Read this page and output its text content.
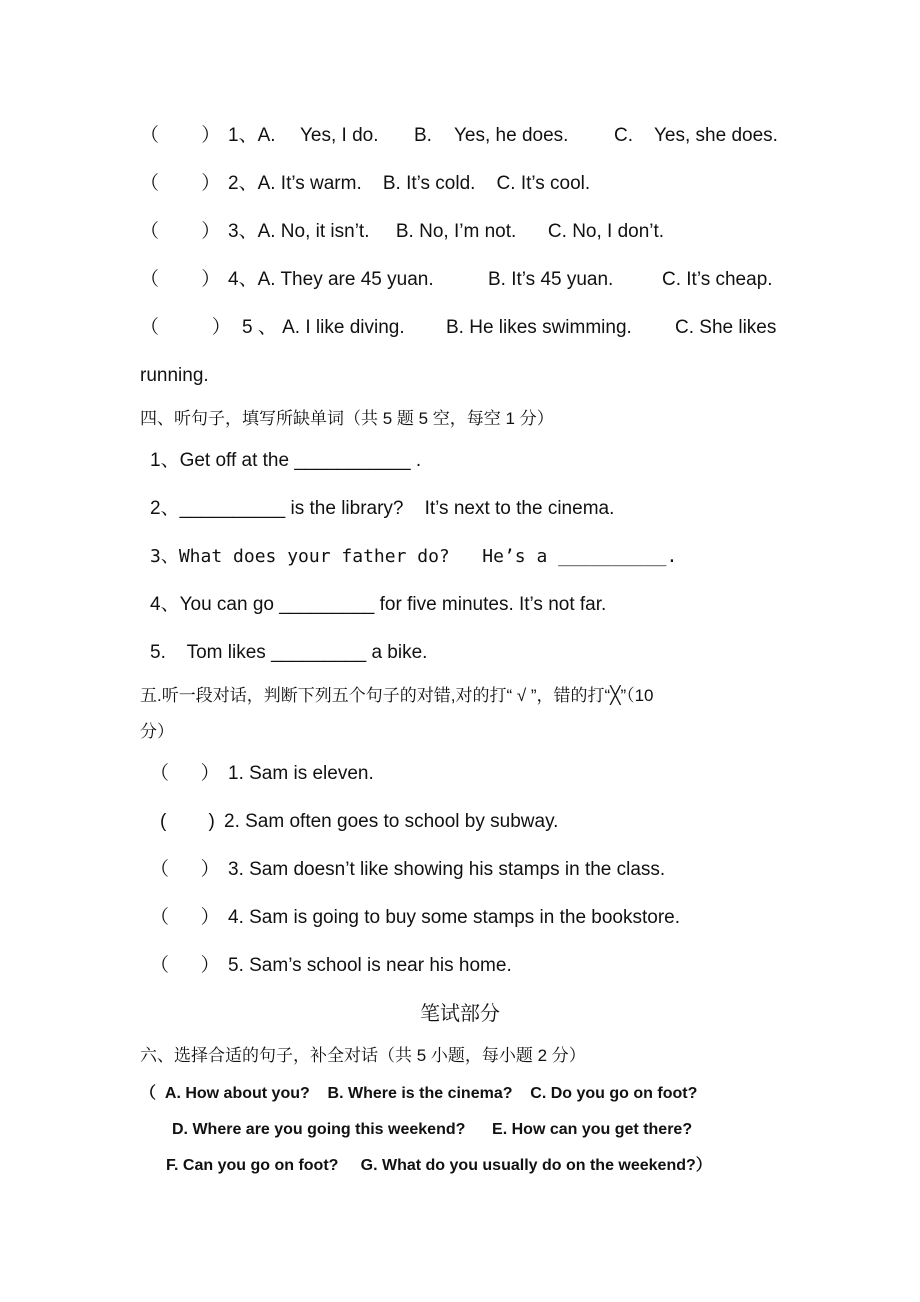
（        ） 1、A. Yes, I do. B. Yes, he does. C. Yes, she does.
（        ） 2、A. It’s warm.    B. It’s cold.    C. It’s cool.
（        ） 3、A. No, it isn’t.     B. No, I’m not.      C. No, I don’t.
（        ） 4、A. They are 45 yuan.	B. It’s 45 yuan.	C. It’s cheap.
（          ） 5 、 A. I like diving. B. He likes swimming. C. She likes
running.
四、听句子，填写所缺单词（共 5 题 5 空，每空 1 分）
1、Get off at the ___________ .
2、__________ is the library?    It’s next to the cinema.
3、What does your father do?   He’s a __________.
4、You can go _________ for five minutes. It’s not far.
5.    Tom likes _________ a bike.
五.听一段对话，判断下列五个句子的对错,对的打“ √ ”，错的打“╳”（10
分）
（      ） 1. Sam is eleven.
(        ) 2. Sam often goes to school by subway.
（      ） 3. Sam doesn’t like showing his stamps in the class.
（      ） 4. Sam is going to buy some stamps in the bookstore.
（      ） 5. Sam’s school is near his home.
笔试部分
六、选择合适的句子，补全对话（共 5 小题，每小题 2 分）
（  A. How about you?    B. Where is the cinema?    C. Do you go on foot?
D. Where are you going this weekend?      E. How can you get there?
F. Can you go on foot?     G. What do you usually do on the weekend?）
